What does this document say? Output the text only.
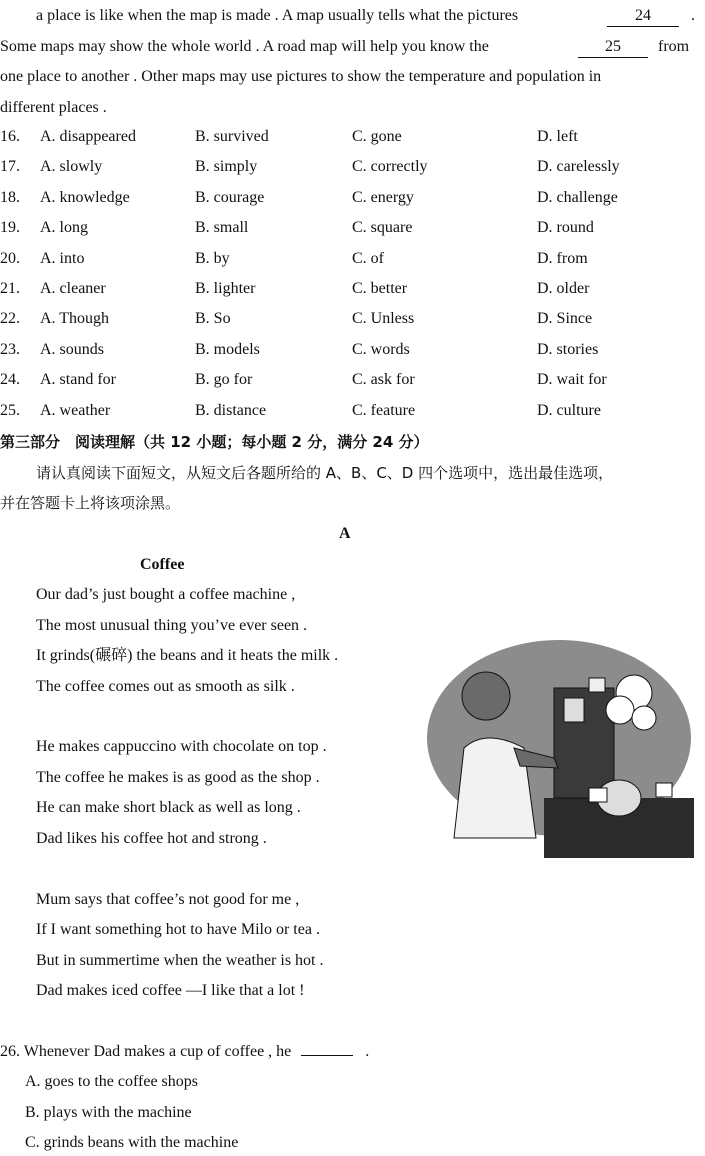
a place is like when the map is made . A map usually tells what the pictures	24	.
Some maps may show the whole world . A road map will help you know the	25	from
one place to another . Other maps may use pictures to show the temperature and population in
different places .
16. A. disappeared	B. survived	C. gone	D. left
17. A. slowly	B. simply	C. correctly	D. carelessly
18. A. knowledge	B. courage	C. energy	D. challenge
19. A. long	B. small	C. square	D. round
20. A. into	B. by	C. of	D. from
21. A. cleaner	B. lighter	C. better	D. older
22. A. Though	B. So	C. Unless	D. Since
23. A. sounds	B. models	C. words	D. stories
24. A. stand for	B. go for	C. ask for	D. wait for
25. A. weather	B. distance	C. feature	D. culture
第三部分　阅读理解（共 12 小题；每小题 2 分，满分 24 分）
请认真阅读下面短文，从短文后各题所给的 A、B、C、D 四个选项中，选出最佳选项，
并在答题卡上将该项涂黑。
A
Coffee
Our dad’s just bought a coffee machine ,
The most unusual thing you’ve ever seen .
It grinds(碾碎) the beans and it heats the milk .
The coffee comes out as smooth as silk .
He makes cappuccino with chocolate on top .
The coffee he makes is as good as the shop .
He can make short black as well as long .
Dad likes his coffee hot and strong .
Mum says that coffee’s not good for me ,
If I want something hot to have Milo or tea .
But in summertime when the weather is hot .
Dad makes iced coffee —I like that a lot !
26. Whenever Dad makes a cup of coffee , he	.
A. goes to the coffee shops
B. plays with the machine
C. grinds beans with the machine
